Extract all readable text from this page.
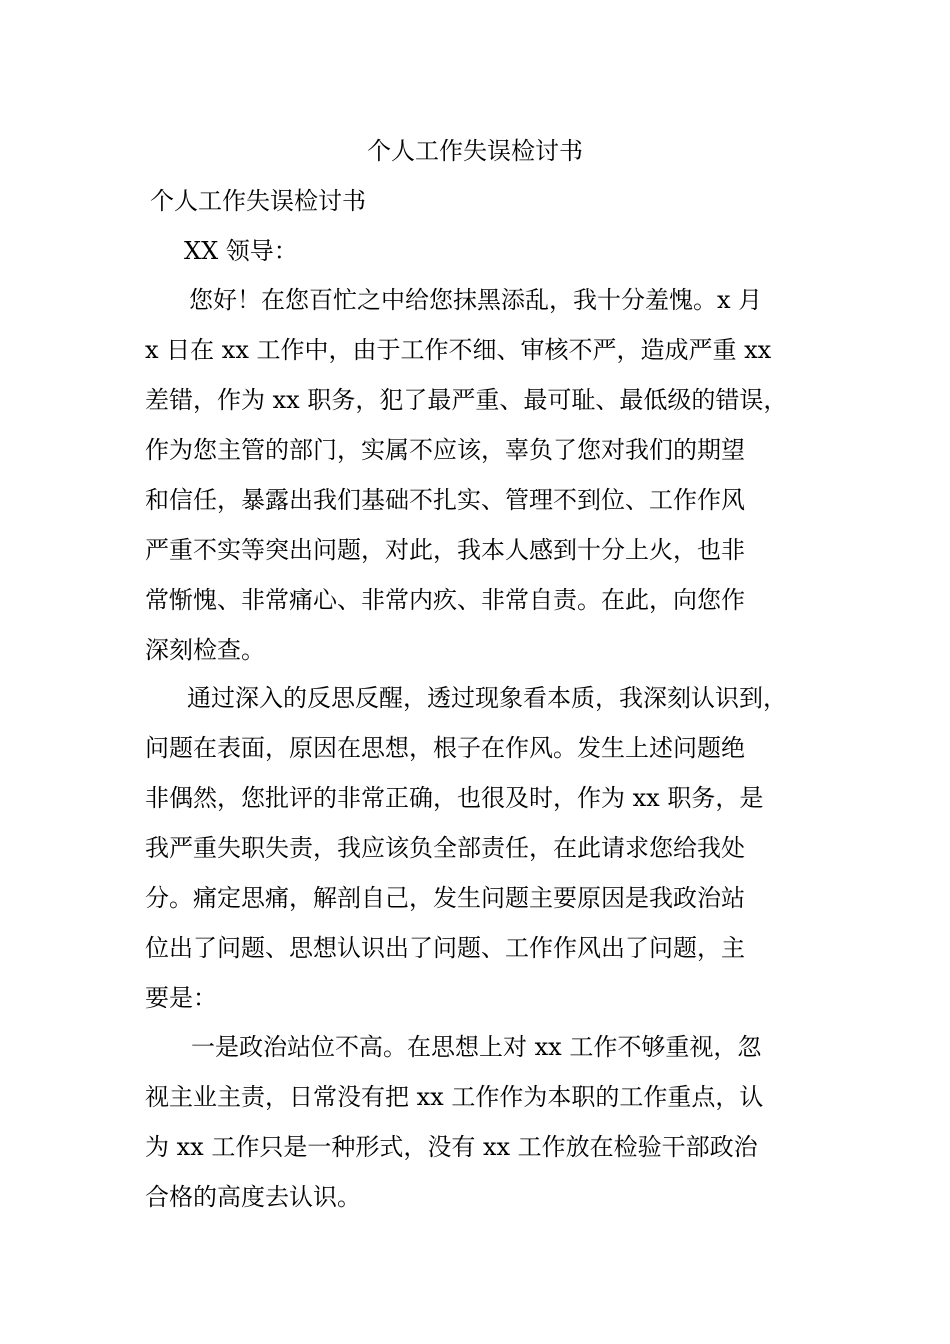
个人工作失误检讨书
个人工作失误检讨书
XX 领导：
您好！在您百忙之中给您抹黑添乱，我十分羞愧。x 月
x 日在 xx 工作中，由于工作不细、审核不严，造成严重 xx
差错，作为 xx 职务，犯了最严重、最可耻、最低级的错误，
作为您主管的部门，实属不应该，辜负了您对我们的期望
和信任，暴露出我们基础不扎实、管理不到位、工作作风
严重不实等突出问题，对此，我本人感到十分上火，也非
常惭愧、非常痛心、非常内疚、非常自责。在此，向您作
深刻检查。
通过深入的反思反醒，透过现象看本质，我深刻认识到，
问题在表面，原因在思想，根子在作风。发生上述问题绝
非偶然，您批评的非常正确，也很及时，作为 xx 职务，是
我严重失职失责，我应该负全部责任，在此请求您给我处
分。痛定思痛，解剖自己，发生问题主要原因是我政治站
位出了问题、思想认识出了问题、工作作风出了问题，主
要是：
一是政治站位不高。在思想上对 xx 工作不够重视，忽
视主业主责，日常没有把 xx 工作作为本职的工作重点，认
为 xx 工作只是一种形式，没有 xx 工作放在检验干部政治
合格的高度去认识。
